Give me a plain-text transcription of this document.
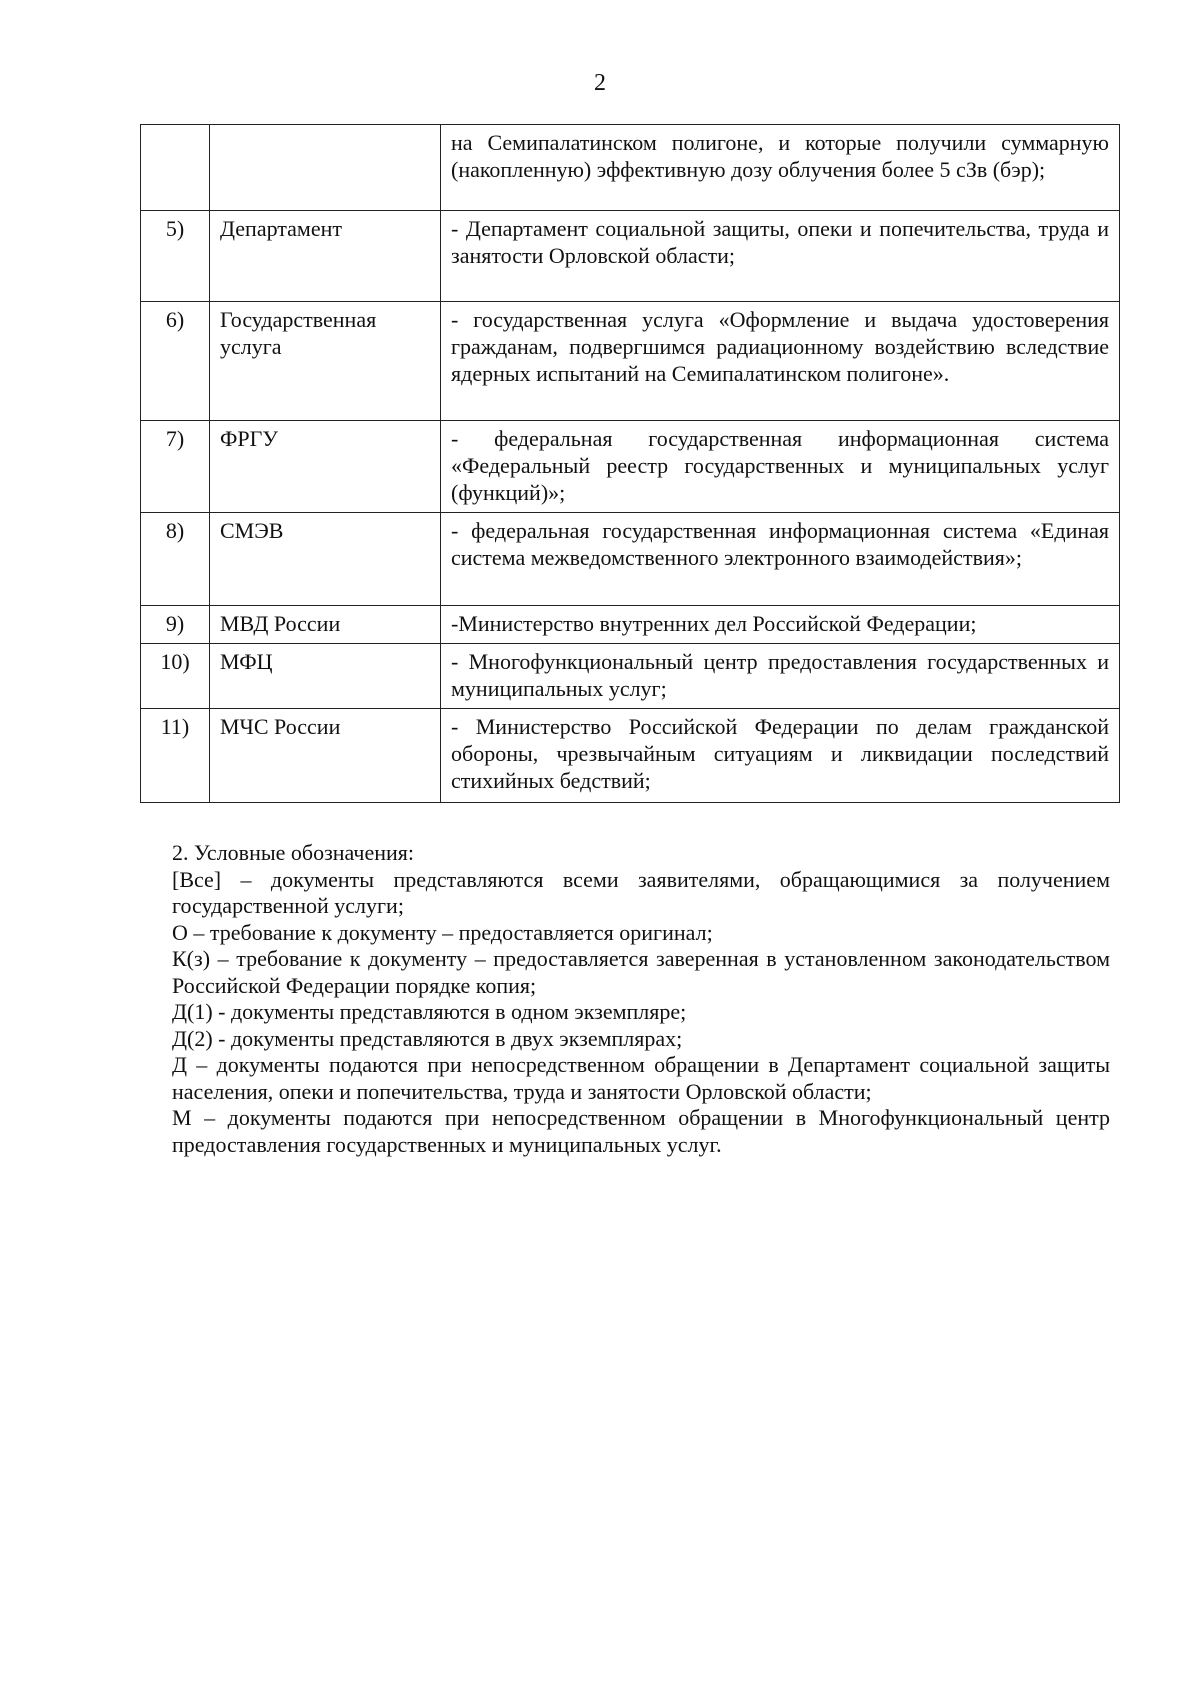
2
		на Семипалатинском полигоне, и которые получили суммарную (накопленную) эффективную дозу облучения более 5 сЗв (бэр);
5)	Департамент	- Департамент социальной защиты, опеки и попечительства, труда и занятости Орловской области;
6)	Государственная услуга	- государственная услуга «Оформление и выдача удостоверения гражданам, подвергшимся радиационному воздействию вследствие ядерных испытаний на Семипалатинском полигоне».
7)	ФРГУ	- федеральная государственная информационная система «Федеральный реестр государственных и муниципальных услуг (функций)»;
8)	СМЭВ	- федеральная государственная информационная система «Единая система межведомственного электронного взаимодействия»;
9)	МВД России	-Министерство внутренних дел Российской Федерации;
10)	МФЦ	- Многофункциональный центр предоставления государственных и муниципальных услуг;
11)	МЧС России	- Министерство Российской Федерации по делам гражданской обороны, чрезвычайным ситуациям и ликвидации последствий стихийных бедствий;

2. Условные обозначения:

[Все] – документы представляются всеми заявителями, обращающимися за получением государственной услуги;

О – требование к документу – предоставляется оригинал;

К(з) – требование к документу – предоставляется заверенная в установленном законодательством Российской Федерации порядке копия;

Д(1) - документы представляются в одном экземпляре;

Д(2) - документы представляются в двух экземплярах;

Д – документы подаются при непосредственном обращении в Департамент социальной защиты населения, опеки и попечительства, труда и занятости Орловской области;

М – документы подаются при непосредственном обращении в Многофункциональный центр предоставления государственных и муниципальных услуг.
